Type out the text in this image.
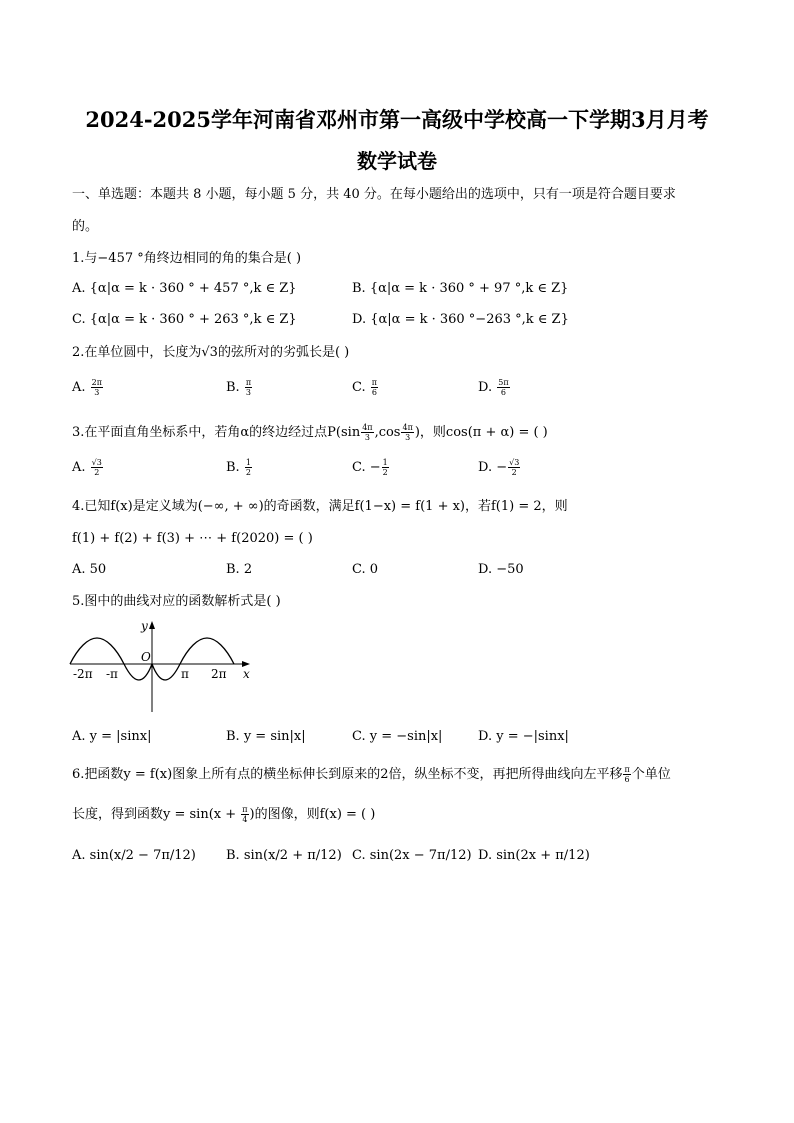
2024-2025学年河南省邓州市第一高级中学校高一下学期3月月考
数学试卷
一、单选题：本题共 8 小题，每小题 5 分，共 40 分。在每小题给出的选项中，只有一项是符合题目要求
的。
1.与−457 °角终边相同的角的集合是( )
A. {α|α = k · 360 ° + 457 °,k ∈ Z}	B. {α|α = k · 360 ° + 97 °,k ∈ Z}
C. {α|α = k · 360 ° + 263 °,k ∈ Z}	D. {α|α = k · 360 °−263 °,k ∈ Z}
2.在单位圆中，长度为√3的弦所对的劣弧长是( )
A. $\frac{2\pi}{3}$	B. $\frac{\pi}{3}$	C. $\frac{\pi}{6}$	D. $\frac{5\pi}{6}$
3.在平面直角坐标系中，若角α的终边经过点$P(\sin \frac{4\pi}{3} ,\cos \frac{4\pi}{3}$ )，则cos(π + α) = ( )
A. $\frac{√3}{2}$	B. $\frac{1}{2}$	C. − $\frac{1}{2}$	D. − $\frac{√3}{2}$
4.已知f(x)是定义域为(−∞, + ∞)的奇函数，满足f(1−x) = f(1 + x)，若f(1) = 2，则
f(1) + f(2) + f(3) + ⋯ + f(2020) = ( )
A. 50	B. 2	C. 0	D. −50
5.图中的曲线对应的函数解析式是( )
O
y
x
-2π -π	π 2π
A. y = |sinx|	B. y = sin|x|	C. y = −sin|x|	D. y = −|sinx|
6.把函数y = f(x)图象上所有点的横坐标伸长到原来的2倍，纵坐标不变，再把所得曲线向左平移 $\frac{\pi}{6}$ 个单位
长度，得到函数$y = \sin(x + \frac{\pi}{4}$ )的图像，则f(x) = ( )
A. sin(x/2 − 7π/12) B. sin(x/2 + π/12) C. sin(2x − 7π/12) D. sin(2x + π/12)
